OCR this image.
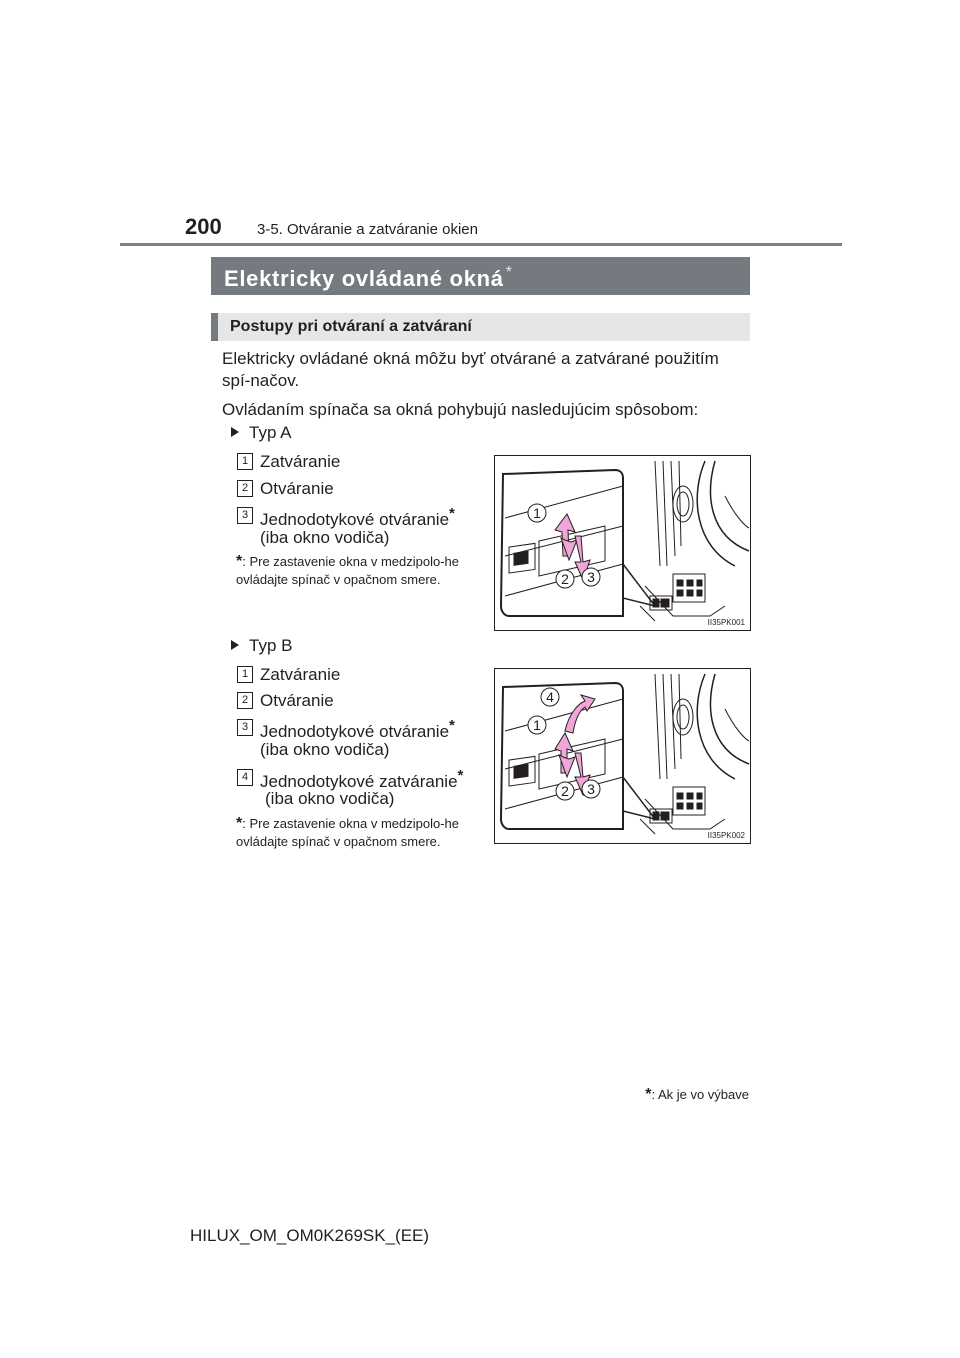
200 3-5. Otváranie a zatváranie okien
Elektricky ovládané okná *
Postupy pri otváraní a zatváraní
Elektricky ovládané okná môžu byť otvárané a zatvárané použitím spí-načov.
Ovládaním spínača sa okná pohybujú nasledujúcim spôsobom:
Typ A
1 Zatváranie
2 Otváranie
3 Jednodotykové otváranie*
(iba okno vodiča)
*: Pre zastavenie okna v medzipolo-he ovládajte spínač v opačnom smere.
1
2 3
II35PK001
Typ B
1 Zatváranie
2 Otváranie
3 Jednodotykové otváranie*
(iba okno vodiča)
4 Jednodotykové zatváranie*
(iba okno vodiča)
*: Pre zastavenie okna v medzipolo-he ovládajte spínač v opačnom smere.
4
1
2 3
II35PK002
*: Ak je vo výbave
HILUX_OM_OM0K269SK_(EE)
